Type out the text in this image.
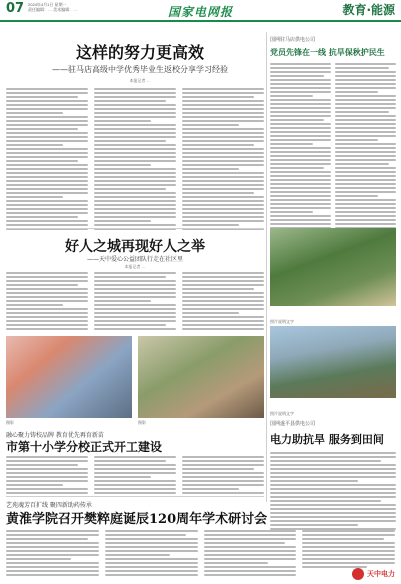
07 2024年4月1日 星期一
责任编辑：… 美术编辑：…	国家电网报	教育·能源
这样的努力更高效
——驻马店高级中学优秀毕业生返校分享学习经验
本报记者 …
国网驻马店供电公司
党员先锋在一线 抗旱保秋护民生
图片说明文字
图片说明文字
好人之城再现好人之举
——天中爱心公益团队行走在社区里
本报记者 …
摄影	摄影
融心聚力铸校品牌 教育优先再育新苗
市第十小学分校正式开工建设
艺苑魂芳百扩线 聚四新助药传承
黄淮学院召开樊粹庭诞辰120周年学术研讨会
国网遂平县供电公司
电力助抗旱 服务到田间
天中电力
